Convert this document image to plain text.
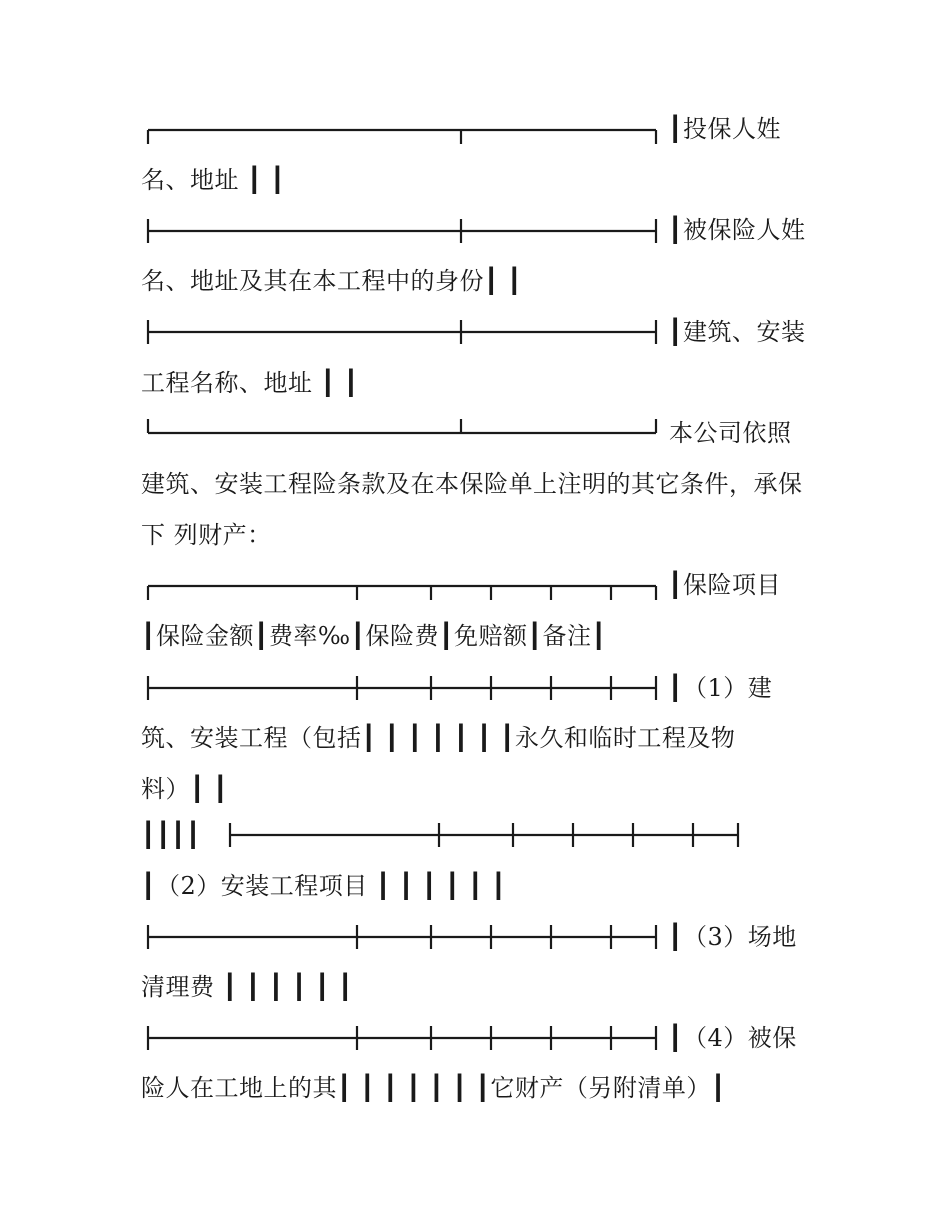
┃投保人姓
名、地址 ┃ ┃
┃被保险人姓
名、地址及其在本工程中的身份┃ ┃
┃建筑、安装
工程名称、地址 ┃ ┃
本公司依照
建筑、安装工程险条款及在本保险单上注明的其它条件，承保
下 列财产：
┃保险项目
┃保险金额┃费率‰┃保险费┃免赔额┃备注┃
┃（1）建
筑、安装工程（包括┃ ┃ ┃ ┃ ┃ ┃ ┃永久和临时工程及物
料）┃ ┃
┃┃┃┃
┃（2）安装工程项目 ┃ ┃ ┃ ┃ ┃ ┃
┃（3）场地
清理费 ┃ ┃ ┃ ┃ ┃ ┃
┃（4）被保
险人在工地上的其┃ ┃ ┃ ┃ ┃ ┃ ┃它财产（另附清单）┃
